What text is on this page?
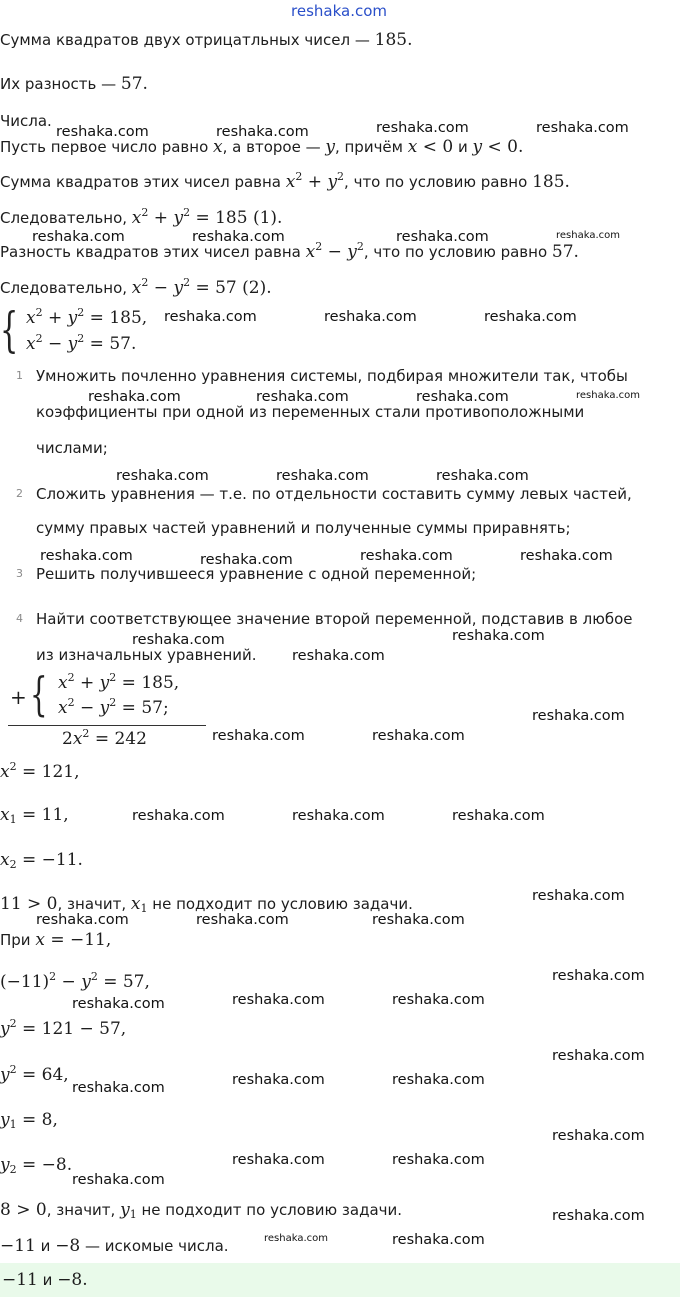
reshaka.com
Сумма квадратов двух отрицатльных чисел — 185.
Их разность — 57.
Числа.
Пусть первое число равно x, а второе — y, причём x < 0 и y < 0.
Сумма квадратов этих чисел равна $x^2 + y^2$, что по условию равно 185.
Следовательно, $x^2 + y^2 = 185$ (1).
Разность квадратов этих чисел равна $x^2 - y^2$, что по условию равно 57.
Следовательно, $x^2 - y^2 = 57$ (2).
{ $x^2 + y^2 = 185$,
$x^2 - y^2 = 57$.
1 Умножить почленно уравнения системы, подбирая множители так, чтобы
коэффициенты при одной из переменных стали противоположными
числами;
2 Сложить уравнения — т.е. по отдельности составить сумму левых частей,
сумму правых частей уравнений и полученные суммы приравнять;
3 Решить получившееся уравнение с одной переменной;
4 Найти соответствующее значение второй переменной, подставив в любое
из изначальных уравнений.
+ { $x^2 + y^2 = 185$,
$x^2 - y^2 = 57$;
$2x^2 = 242$
$x^2 = 121$,
$x_1 = 11$,
$x_2 = -11$.
11 > 0, значит, $x_1$ не подходит по условию задачи.
При x = −11,
$(-11)^2 - y^2 = 57$,
$y^2 = 121 - 57$,
$y^2 = 64$,
$y_1 = 8$,
$y_2 = -8$.
8 > 0, значит, $y_1$ не подходит по условию задачи.
−11 и −8 — искомые числа.
−11 и −8.
reshaka.com	reshaka.com	reshaka.com	reshaka.com
reshaka.com	reshaka.com	reshaka.com	reshaka.com
reshaka.com	reshaka.com	reshaka.com
reshaka.com	reshaka.com	reshaka.com	reshaka.com
reshaka.com	reshaka.com	reshaka.com
reshaka.com	reshaka.com	reshaka.com	reshaka.com
reshaka.com
reshaka.com
reshaka.com
reshaka.com
reshaka.com	reshaka.com
reshaka.com	reshaka.com	reshaka.com
reshaka.com
reshaka.com	reshaka.com	reshaka.com
reshaka.com
reshaka.com	reshaka.com	reshaka.com
reshaka.com
reshaka.com	reshaka.com	reshaka.com
reshaka.com
reshaka.com	reshaka.com
reshaka.com
reshaka.com
reshaka.com	reshaka.com
